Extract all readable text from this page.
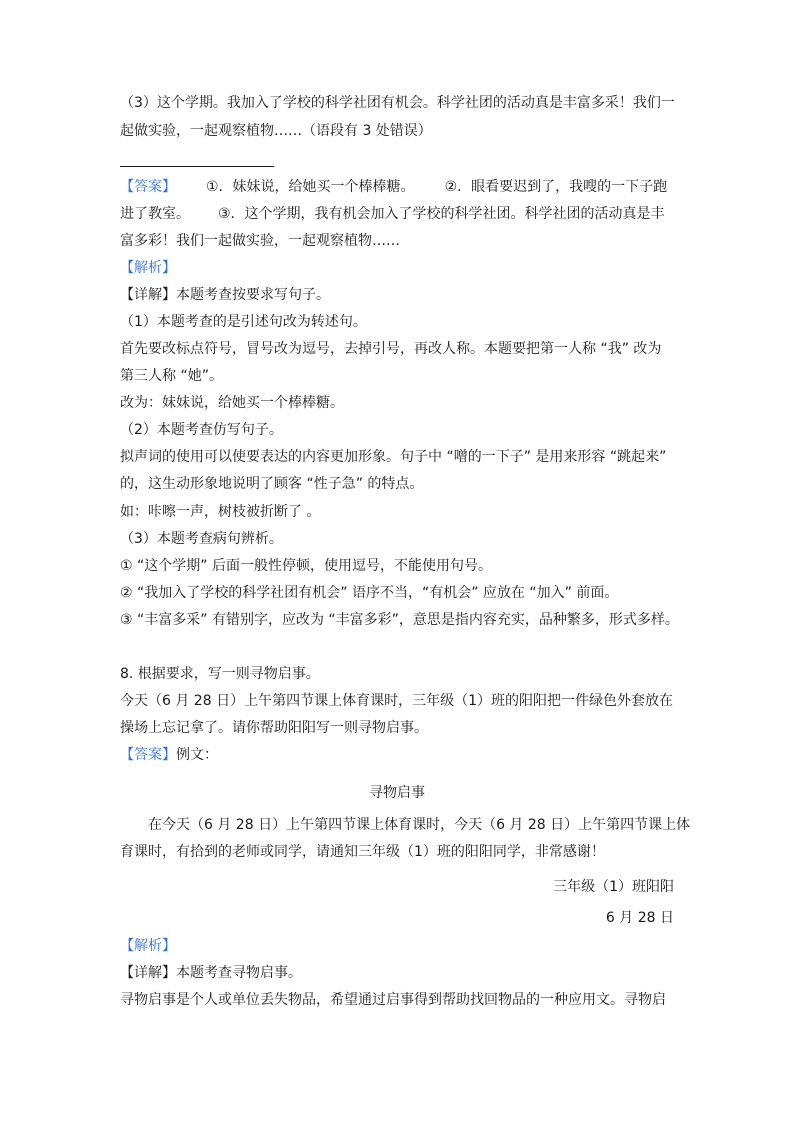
（3）这个学期。我加入了学校的科学社团有机会。科学社团的活动真是丰富多采！我们一
起做实验，一起观察植物……（语段有 3 处错误）
【答案】 ①．妹妹说，给她买一个棒棒糖。 ②．眼看要迟到了，我嗖的一下子跑
进了教室。 ③．这个学期，我有机会加入了学校的科学社团。科学社团的活动真是丰
富多彩！我们一起做实验，一起观察植物……
【解析】
【详解】本题考查按要求写句子。
（1）本题考查的是引述句改为转述句。
首先要改标点符号，冒号改为逗号，去掉引号，再改人称。本题要把第一人称 “我” 改为
第三人称 “她”。
改为：妹妹说，给她买一个棒棒糖。
（2）本题考查仿写句子。
拟声词的使用可以使要表达的内容更加形象。句子中 “噌的一下子” 是用来形容 “跳起来”
的，这生动形象地说明了顾客 “性子急” 的特点。
如：咔嚓一声，树枝被折断了 。
（3）本题考查病句辨析。
① “这个学期” 后面一般性停顿，使用逗号，不能使用句号。
② “我加入了学校的科学社团有机会” 语序不当，“有机会” 应放在 “加入” 前面。
③ “丰富多采” 有错别字，应改为 “丰富多彩”，意思是指内容充实，品种繁多，形式多样。
8. 根据要求，写一则寻物启事。
今天（6 月 28 日）上午第四节课上体育课时，三年级（1）班的阳阳把一件绿色外套放在
操场上忘记拿了。请你帮助阳阳写一则寻物启事。
【答案】例文：
寻物启事
在今天（6 月 28 日）上午第四节课上体育课时，今天（6 月 28 日）上午第四节课上体
育课时，有拾到的老师或同学，请通知三年级（1）班的阳阳同学，非常感谢！
三年级（1）班阳阳
6 月 28 日
【解析】
【详解】本题考查寻物启事。
寻物启事是个人或单位丢失物品，希望通过启事得到帮助找回物品的一种应用文。寻物启
